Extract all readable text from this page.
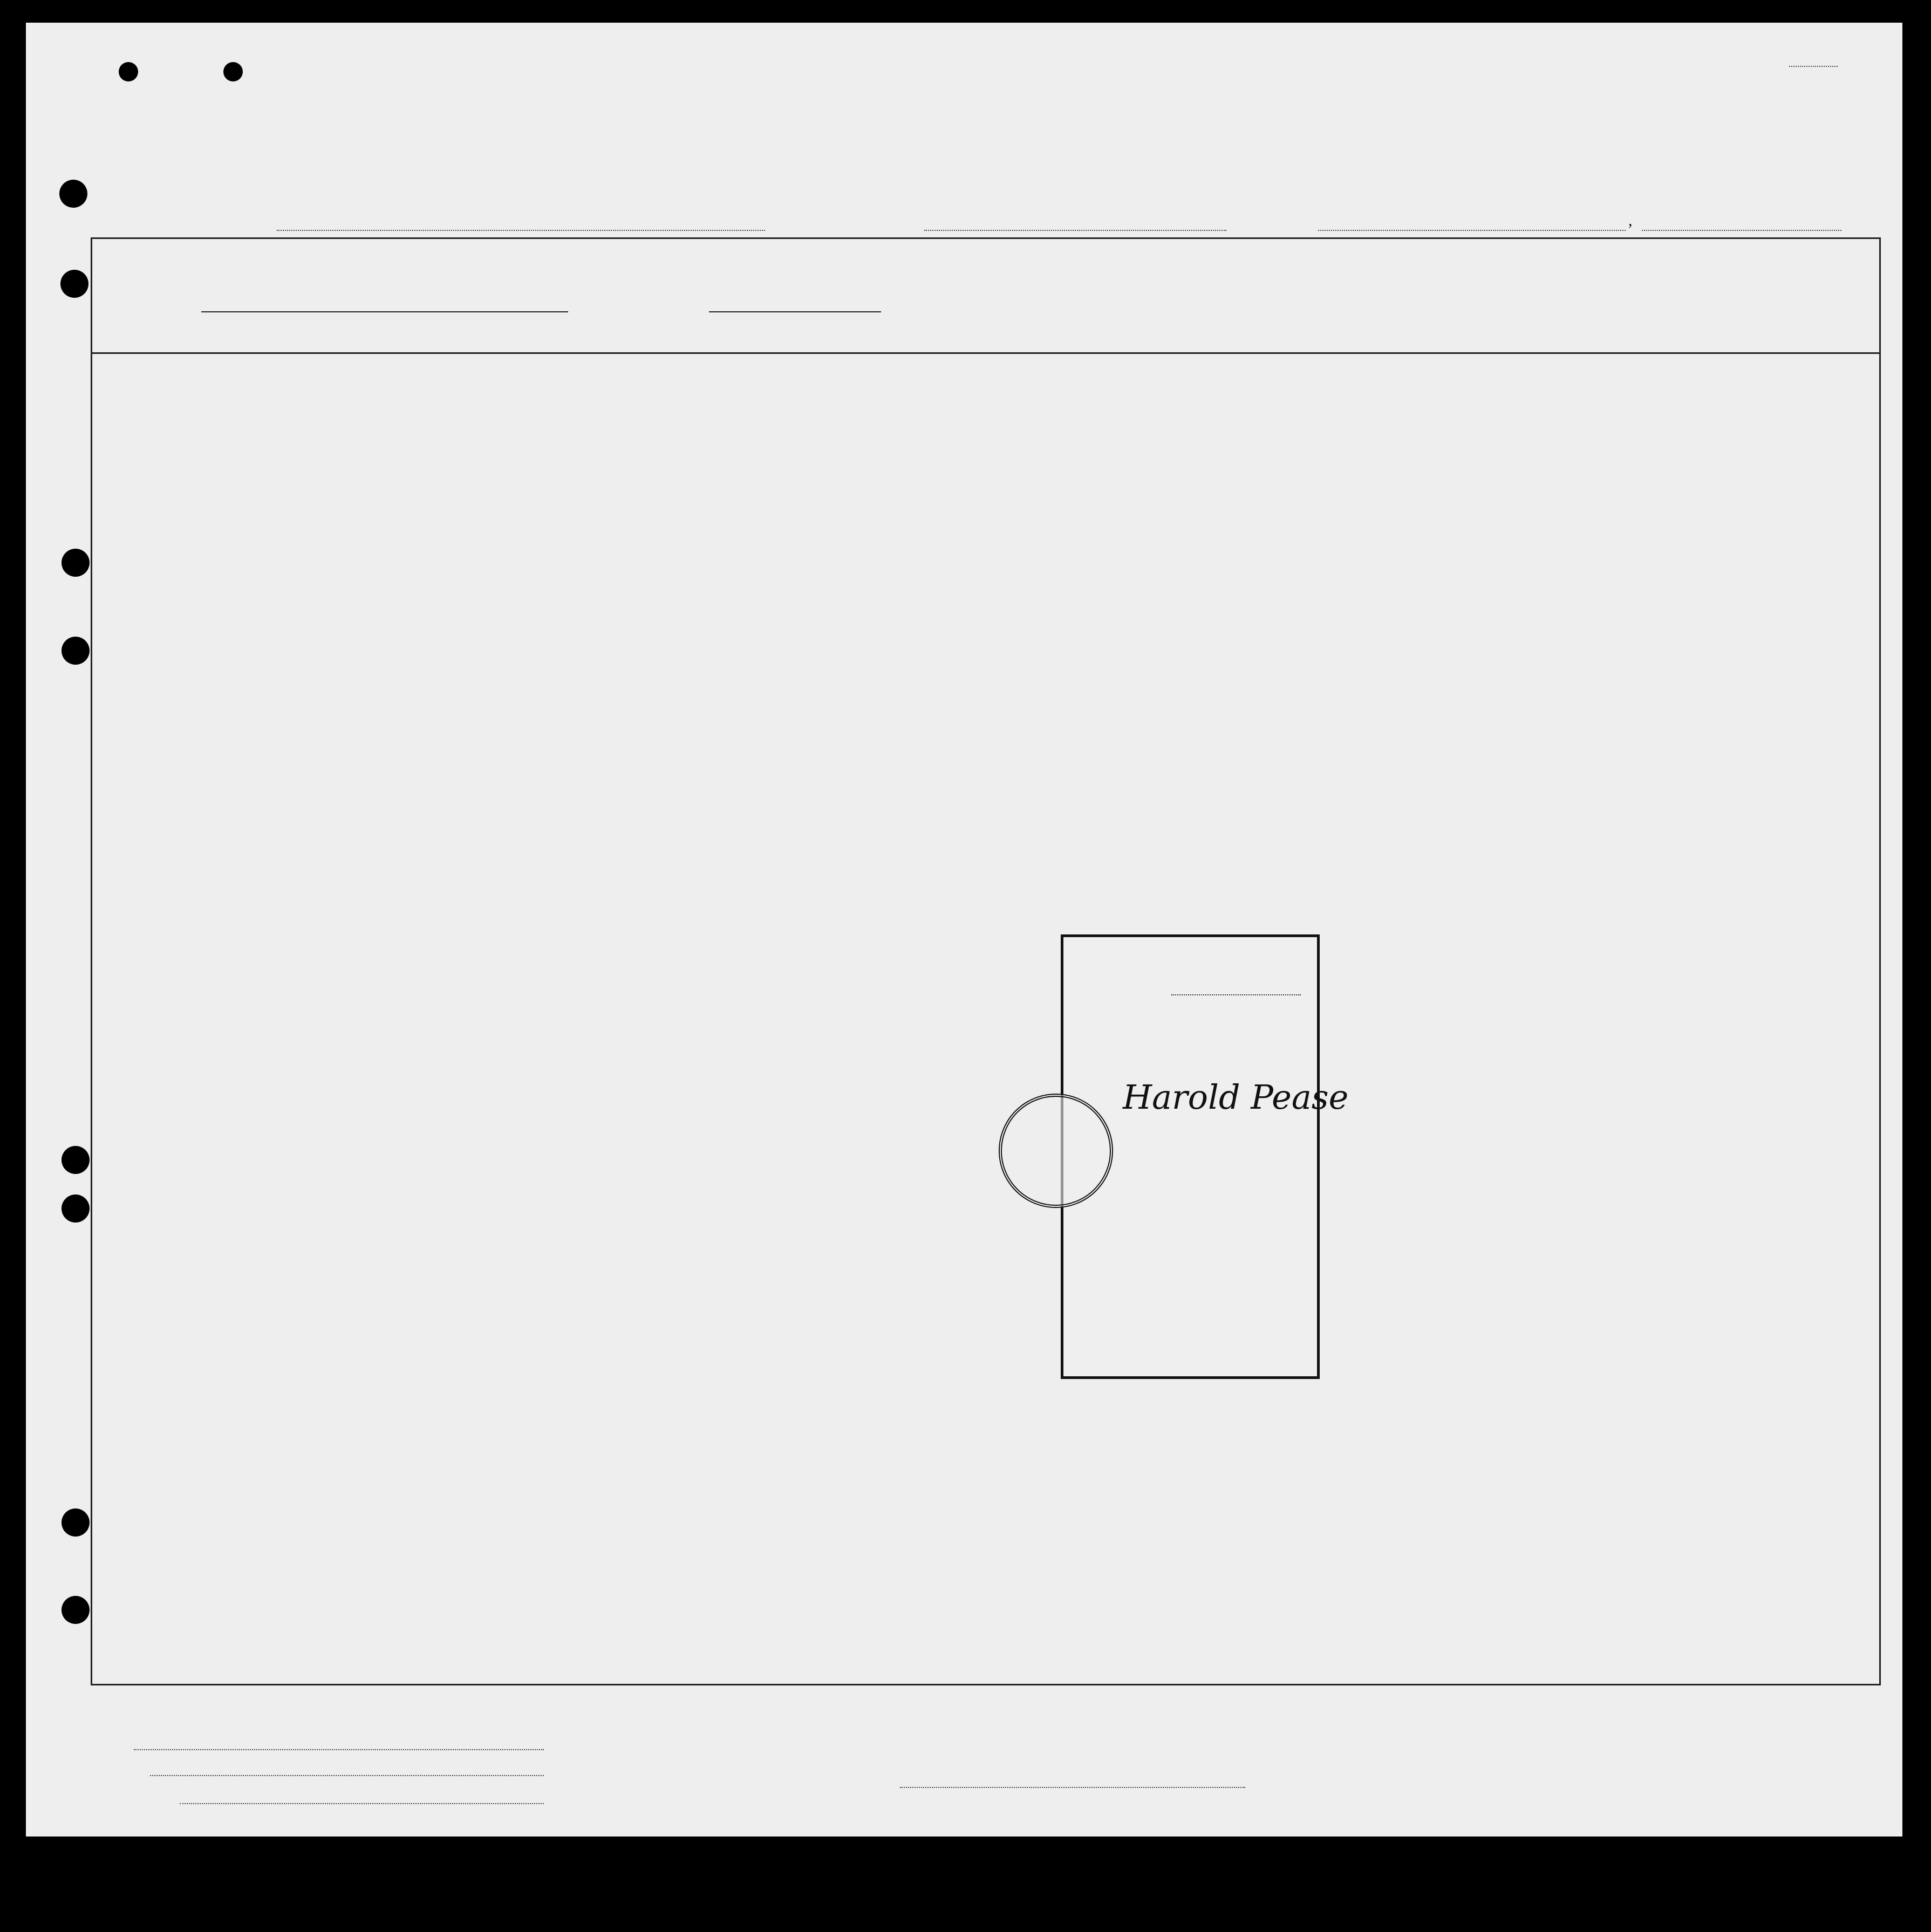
,
Harold Pease
